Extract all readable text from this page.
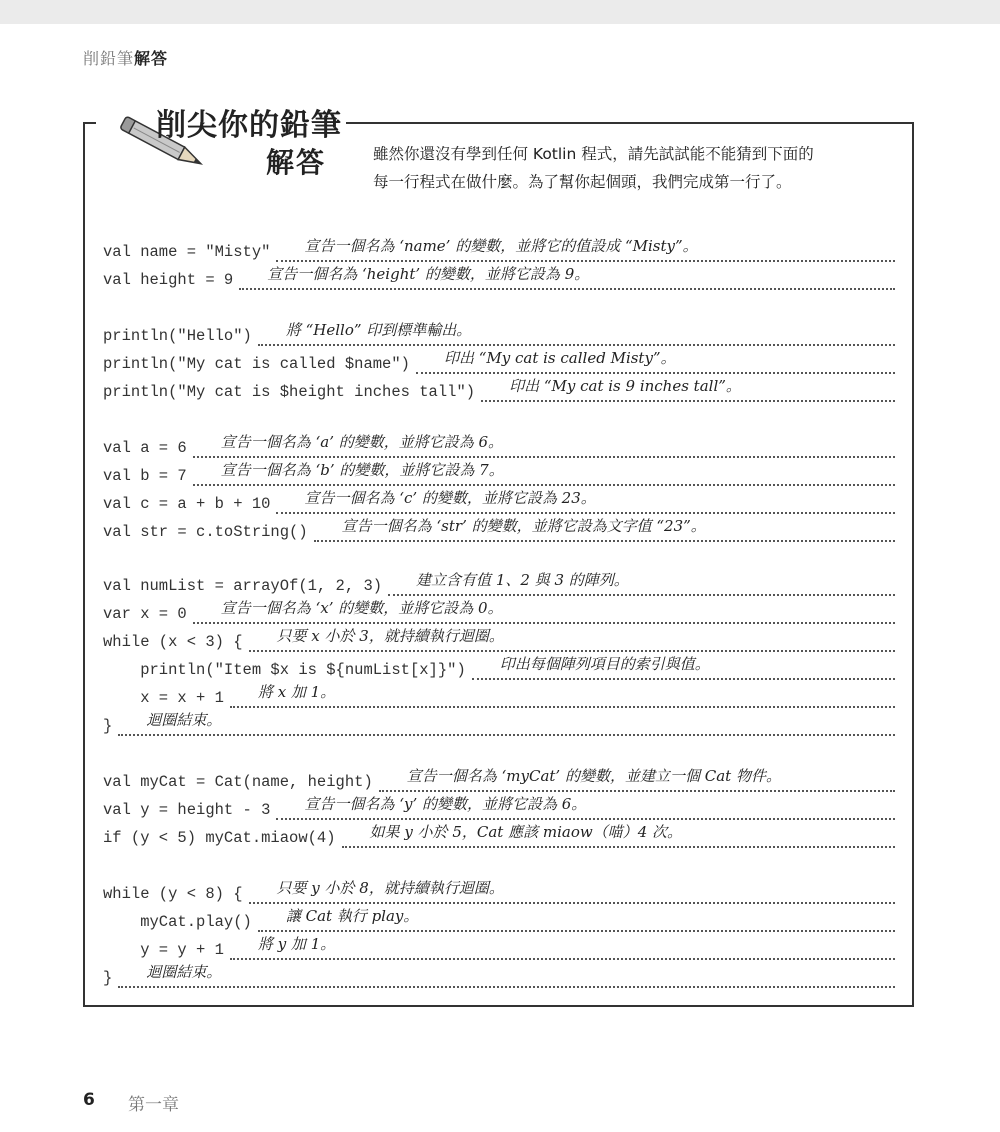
削鉛筆解答
削尖你的鉛筆
解答	雖然你還沒有學到任何 Kotlin 程式，請先試試能不能猜到下面的
每一行程式在做什麼。為了幫你起個頭，我們完成第一行了。
val name = "Misty"	宣告一個名為 ‘name’ 的變數，並將它的值設成 “Misty”。
val height = 9	宣告一個名為 ‘height’ 的變數，並將它設為 9。
println("Hello")	將 “Hello” 印到標準輸出。
println("My cat is called $name")	印出 “My cat is called Misty”。
println("My cat is $height inches tall")	印出 “My cat is 9 inches tall”。
val a = 6	宣告一個名為 ‘a’ 的變數，並將它設為 6。
val b = 7	宣告一個名為 ‘b’ 的變數，並將它設為 7。
val c = a + b + 10	宣告一個名為 ‘c’ 的變數，並將它設為 23。
val str = c.toString()	宣告一個名為 ‘str’ 的變數，並將它設為文字值 “23”。
val numList = arrayOf(1, 2, 3)	建立含有值 1、2 與 3 的陣列。
var x = 0	宣告一個名為 ‘x’ 的變數，並將它設為 0。
while (x < 3) {	只要 x 小於 3，就持續執行迴圈。
println("Item $x is ${numList[x]}")	印出每個陣列項目的索引與值。
x = x + 1	將 x 加 1。
}	迴圈結束。
val myCat = Cat(name, height)	宣告一個名為 ‘myCat’ 的變數，並建立一個 Cat 物件。
val y = height - 3	宣告一個名為 ‘y’ 的變數，並將它設為 6。
if (y < 5) myCat.miaow(4)	如果 y 小於 5，Cat 應該 miaow（喵）4 次。
while (y < 8) {	只要 y 小於 8，就持續執行迴圈。
myCat.play()	讓 Cat 執行 play。
y = y + 1	將 y 加 1。
}	迴圈結束。
6 第一章
